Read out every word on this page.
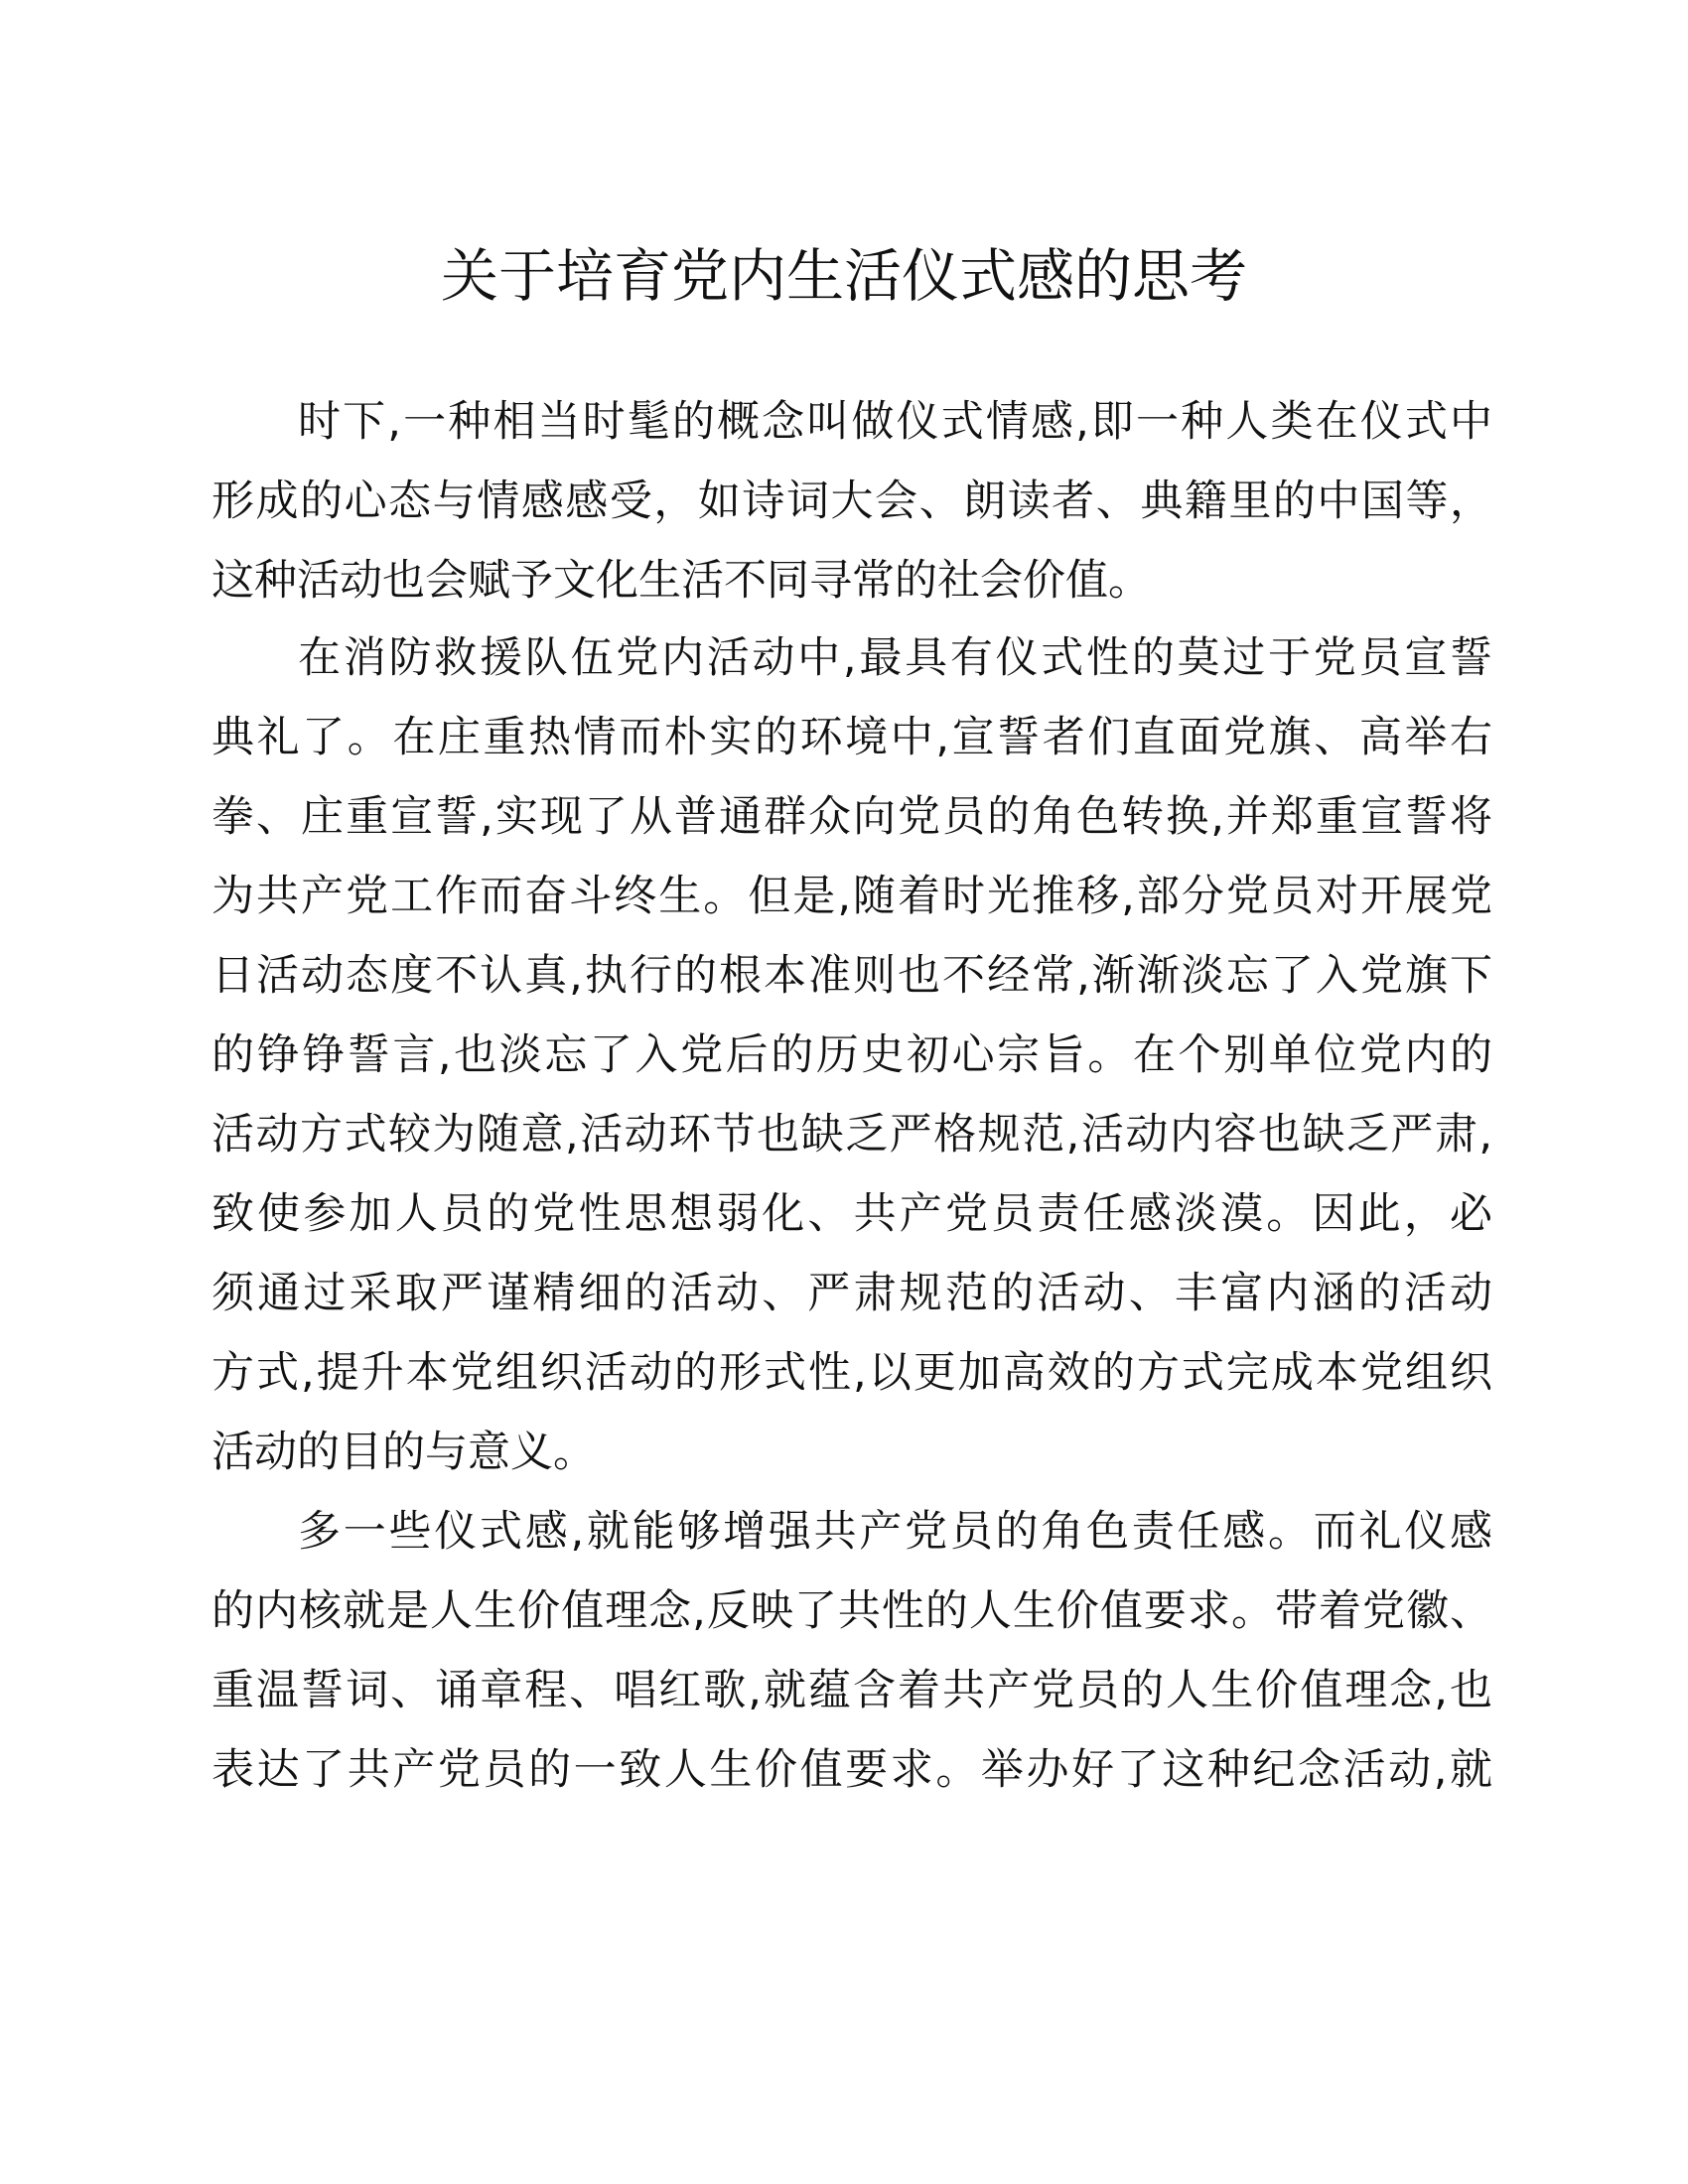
关于培育党内生活仪式感的思考

时下,一种相当时髦的概念叫做仪式情感,即一种人类在仪式中

形成的心态与情感感受，如诗词大会、朗读者、典籍里的中国等，

这种活动也会赋予文化生活不同寻常的社会价值。

在消防救援队伍党内活动中,最具有仪式性的莫过于党员宣誓

典礼了。在庄重热情而朴实的环境中,宣誓者们直面党旗、高举右

拳、庄重宣誓,实现了从普通群众向党员的角色转换,并郑重宣誓将

为共产党工作而奋斗终生。但是,随着时光推移,部分党员对开展党

日活动态度不认真,执行的根本准则也不经常,渐渐淡忘了入党旗下

的铮铮誓言,也淡忘了入党后的历史初心宗旨。在个别单位党内的

活动方式较为随意,活动环节也缺乏严格规范,活动内容也缺乏严肃,

致使参加人员的党性思想弱化、共产党员责任感淡漠。因此，必

须通过采取严谨精细的活动、严肃规范的活动、丰富内涵的活动

方式,提升本党组织活动的形式性,以更加高效的方式完成本党组织

活动的目的与意义。

多一些仪式感,就能够增强共产党员的角色责任感。而礼仪感

的内核就是人生价值理念,反映了共性的人生价值要求。带着党徽、

重温誓词、诵章程、唱红歌,就蕴含着共产党员的人生价值理念,也

表达了共产党员的一致人生价值要求。举办好了这种纪念活动,就
